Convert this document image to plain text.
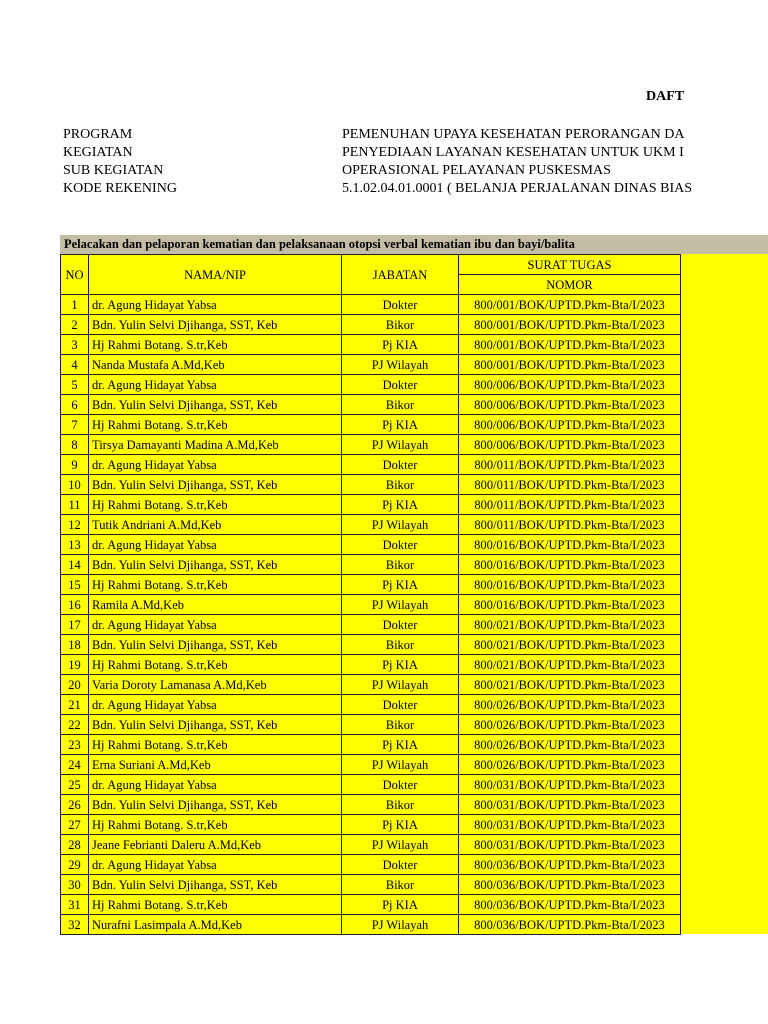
DAFT
PROGRAM	PEMENUHAN UPAYA KESEHATAN PERORANGAN DA
KEGIATAN	PENYEDIAAN LAYANAN KESEHATAN UNTUK UKM I
SUB KEGIATAN	OPERASIONAL PELAYANAN PUSKESMAS
KODE REKENING	5.1.02.04.01.0001 ( BELANJA PERJALANAN DINAS BIAS
Pelacakan dan pelaporan kematian dan pelaksanaan otopsi verbal kematian ibu dan bayi/balita
NO	NAMA/NIP	JABATAN	SURAT TUGAS
			NOMOR
1	dr. Agung Hidayat Yabsa	Dokter	800/001/BOK/UPTD.Pkm-Bta/I/2023
2	Bdn. Yulin Selvi Djihanga, SST, Keb	Bikor	800/001/BOK/UPTD.Pkm-Bta/I/2023
3	Hj Rahmi Botang. S.tr,Keb	Pj KIA	800/001/BOK/UPTD.Pkm-Bta/I/2023
4	Nanda Mustafa A.Md,Keb	PJ Wilayah	800/001/BOK/UPTD.Pkm-Bta/I/2023
5	dr. Agung Hidayat Yabsa	Dokter	800/006/BOK/UPTD.Pkm-Bta/I/2023
6	Bdn. Yulin Selvi Djihanga, SST, Keb	Bikor	800/006/BOK/UPTD.Pkm-Bta/I/2023
7	Hj Rahmi Botang. S.tr,Keb	Pj KIA	800/006/BOK/UPTD.Pkm-Bta/I/2023
8	Tirsya Damayanti Madina A.Md,Keb	PJ Wilayah	800/006/BOK/UPTD.Pkm-Bta/I/2023
9	dr. Agung Hidayat Yabsa	Dokter	800/011/BOK/UPTD.Pkm-Bta/I/2023
10	Bdn. Yulin Selvi Djihanga, SST, Keb	Bikor	800/011/BOK/UPTD.Pkm-Bta/I/2023
11	Hj Rahmi Botang. S.tr,Keb	Pj KIA	800/011/BOK/UPTD.Pkm-Bta/I/2023
12	Tutik Andriani A.Md,Keb	PJ Wilayah	800/011/BOK/UPTD.Pkm-Bta/I/2023
13	dr. Agung Hidayat Yabsa	Dokter	800/016/BOK/UPTD.Pkm-Bta/I/2023
14	Bdn. Yulin Selvi Djihanga, SST, Keb	Bikor	800/016/BOK/UPTD.Pkm-Bta/I/2023
15	Hj Rahmi Botang. S.tr,Keb	Pj KIA	800/016/BOK/UPTD.Pkm-Bta/I/2023
16	Ramila A.Md,Keb	PJ Wilayah	800/016/BOK/UPTD.Pkm-Bta/I/2023
17	dr. Agung Hidayat Yabsa	Dokter	800/021/BOK/UPTD.Pkm-Bta/I/2023
18	Bdn. Yulin Selvi Djihanga, SST, Keb	Bikor	800/021/BOK/UPTD.Pkm-Bta/I/2023
19	Hj Rahmi Botang. S.tr,Keb	Pj KIA	800/021/BOK/UPTD.Pkm-Bta/I/2023
20	Varia Doroty Lamanasa A.Md,Keb	PJ Wilayah	800/021/BOK/UPTD.Pkm-Bta/I/2023
21	dr. Agung Hidayat Yabsa	Dokter	800/026/BOK/UPTD.Pkm-Bta/I/2023
22	Bdn. Yulin Selvi Djihanga, SST, Keb	Bikor	800/026/BOK/UPTD.Pkm-Bta/I/2023
23	Hj Rahmi Botang. S.tr,Keb	Pj KIA	800/026/BOK/UPTD.Pkm-Bta/I/2023
24	Erna Suriani A.Md,Keb	PJ Wilayah	800/026/BOK/UPTD.Pkm-Bta/I/2023
25	dr. Agung Hidayat Yabsa	Dokter	800/031/BOK/UPTD.Pkm-Bta/I/2023
26	Bdn. Yulin Selvi Djihanga, SST, Keb	Bikor	800/031/BOK/UPTD.Pkm-Bta/I/2023
27	Hj Rahmi Botang. S.tr,Keb	Pj KIA	800/031/BOK/UPTD.Pkm-Bta/I/2023
28	Jeane Febrianti Daleru A.Md,Keb	PJ Wilayah	800/031/BOK/UPTD.Pkm-Bta/I/2023
29	dr. Agung Hidayat Yabsa	Dokter	800/036/BOK/UPTD.Pkm-Bta/I/2023
30	Bdn. Yulin Selvi Djihanga, SST, Keb	Bikor	800/036/BOK/UPTD.Pkm-Bta/I/2023
31	Hj Rahmi Botang. S.tr,Keb	Pj KIA	800/036/BOK/UPTD.Pkm-Bta/I/2023
32	Nurafni Lasimpala A.Md,Keb	PJ Wilayah	800/036/BOK/UPTD.Pkm-Bta/I/2023
